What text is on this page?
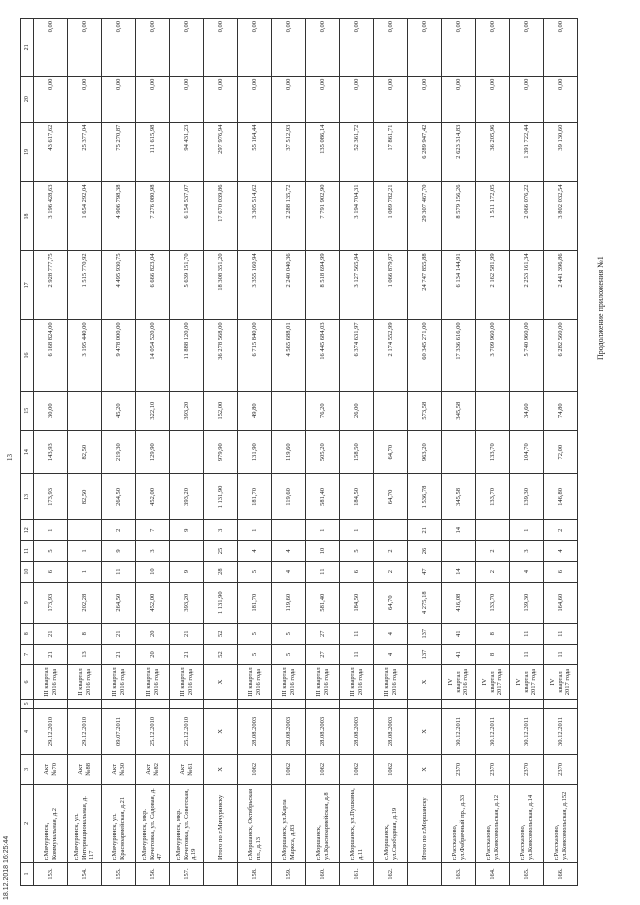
Продолжение приложения №1
13
1	2	3	4	5	6	7	8	9	10	11	12	13	14	15	16	17	18	19	20	21
153.	г.Мичуринск, Коммунальная, д.2	Акт №70	29.12.2010		III квартал 2016 года	21	21	173,93	6	5	1	173,93	143,93	30,00	6 168 824,00	2 928 777,75	3 196 428,63	43 617,62	0,00	0,00
154.	г.Мичуринск, ул. Интернациональная, д. 117	Акт №88	29.12.2010		II квартал 2016 года	13	8	202,28	1	1		82,50	82,50		3 195 440,00	1 515 770,92	1 654 292,04	25 377,04	0,00	0,00
155.	г.Мичуринск, ул. Красноармейская, д.21	Акт №30	09.07.2011		III квартал 2016 года	21	21	264,50	11	9	2	264,50	219,30	45,20	9 478 000,00	4 495 930,75	4 906 798,38	75 270,87	0,00	0,00
156.	г.Мичуринск, мкр. Кочетовка, ул. Садовая, д. 47	Акт №82	25.12.2010		III квартал 2016 года	20	20	452,00	10	3	7	452,00	129,90	322,10	14 054 520,00	6 666 823,04	7 276 080,98	111 615,98	0,00	0,00
157.	г.Мичуринск, мкр. Кочетовка, ул. Советская, д.19	Акт №61	25.12.2010		III квартал 2016 года	21	21	393,20	9		9	393,20		393,20	11 888 120,00	5 639 151,70	6 154 537,07	94 431,23	0,00	0,00
	Итого по г.Мичуринску	X	X		X	52	52	1 131,90	28	25	3	1 131,90	979,90	152,00	36 278 568,00	18 308 351,20	17 670 039,86	297 976,94	0,00	0,00
158.	г.Моршанск, Октябрьская пл., д.13	1062	28.08.2003		III квартал 2016 года	5	5	181,70	5	4	1	181,70	131,90	49,80	6 715 840,00	3 355 160,94	3 305 514,62	55 164,44	0,00	0,00
159.	г.Моршанск, ул.Карла Маркса, д.83	1062	28.08.2003		III квартал 2016 года	5	5	119,60	4	4		119,60	119,60		4 565 688,01	2 240 040,36	2 288 135,72	37 512,93	0,00	0,00
160.	г.Моршанск, ул.Красноармейская, д.8	1062	28.08.2003		III квартал 2016 года	27	27	581,40	11	10	1	581,40	505,20	76,20	16 445 684,03	8 518 694,99	7 791 902,90	135 086,14	0,00	0,00
161.	г.Моршанск, ул.Пушкина, д.11	1062	28.08.2003		III квартал 2016 года	11	11	184,50	6	5	1	184,50	158,50	26,00	6 374 631,97	3 127 565,94	3 194 704,31	52 361,72	0,00	0,00
162.	с.Моршанск, ул.Свободная, д.19	1062	28.08.2003		III квартал 2016 года	4	4	64,70	2	2		64,70	64,70		2 174 552,99	1 066 879,97	1 089 782,21	17 861,71	0,00	0,00
	Итого по г.Моршанску	X	X		X	137	137	4 275,18	47	26	21	1 536,78	963,20	573,58	60 345 271,00	24 747 855,88	29 307 467,70	6 289 947,42	0,00	0,00
163.	г.Рассказово, ул.Фабричный пр., д.33	2370	30.12.2011		IV квартал 2016 года	41	41	416,08	14		14	345,58		345,58	17 336 616,00	6 134 144,91	8 579 156,26	2 623 314,83	0,00	0,00
164.	г.Рассказово, ул.Комсомольская, д.12	2370	30.12.2011		IV квартал 2017 года	8	8	133,70	2	2		133,70	133,70		3 709 960,00	2 162 581,99	1 511 172,05	36 205,96	0,00	0,00
165.	г.Рассказово, ул.Комсомольская, д.14	2370	30.12.2011		IV квартал 2017 года	11	11	139,30	4	3	1	139,30	104,70	34,60	5 740 960,00	2 253 161,34	2 066 076,22	1 391 722,44	0,00	0,00
166.	г.Рассказово, ул.Комсомольская, д.152	2370	30.12.2011		IV квартал 2017 года	11	11	164,60	6	4	2	146,80	72,00	74,80	6 282 560,00	2 441 396,86	3 802 032,54	39 130,60	0,00	0,00
18.12.2018 16:25:44
